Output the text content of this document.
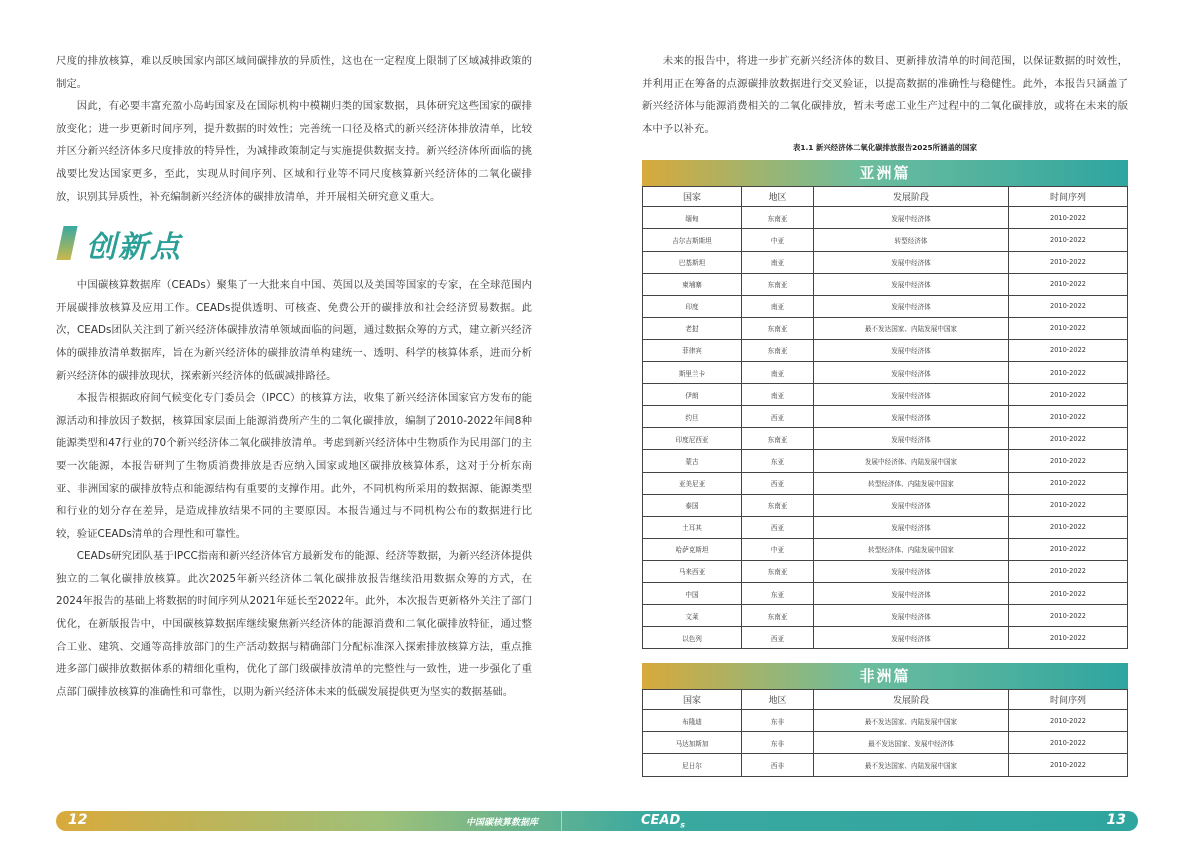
尺度的排放核算，难以反映国家内部区域间碳排放的异质性，这也在一定程度上限制了区域减排政策的制定。

因此，有必要丰富充盈小岛屿国家及在国际机构中模糊归类的国家数据，具体研究这些国家的碳排放变化；进一步更新时间序列，提升数据的时效性；完善统一口径及格式的新兴经济体排放清单，比较并区分新兴经济体多尺度排放的特异性，为减排政策制定与实施提供数据支持。新兴经济体所面临的挑战要比发达国家更多，至此，实现从时间序列、区域和行业等不同尺度核算新兴经济体的二氧化碳排放，识别其异质性，补充编制新兴经济体的碳排放清单，并开展相关研究意义重大。

创新点

中国碳核算数据库（CEADs）聚集了一大批来自中国、英国以及美国等国家的专家，在全球范围内开展碳排放核算及应用工作。CEADs提供透明、可核查、免费公开的碳排放和社会经济贸易数据。此次，CEADs团队关注到了新兴经济体碳排放清单领域面临的问题，通过数据众筹的方式，建立新兴经济体的碳排放清单数据库，旨在为新兴经济体的碳排放清单构建统一、透明、科学的核算体系，进而分析新兴经济体的碳排放现状，探索新兴经济体的低碳减排路径。

本报告根据政府间气候变化专门委员会（IPCC）的核算方法，收集了新兴经济体国家官方发布的能源活动和排放因子数据，核算国家层面上能源消费所产生的二氧化碳排放，编制了2010-2022年间8种能源类型和47行业的70个新兴经济体二氧化碳排放清单。考虑到新兴经济体中生物质作为民用部门的主要一次能源，本报告研判了生物质消费排放是否应纳入国家或地区碳排放核算体系，这对于分析东南亚、非洲国家的碳排放特点和能源结构有重要的支撑作用。此外，不同机构所采用的数据源、能源类型和行业的划分存在差异，是造成排放结果不同的主要原因。本报告通过与不同机构公布的数据进行比较，验证CEADs清单的合理性和可靠性。

CEADs研究团队基于IPCC指南和新兴经济体官方最新发布的能源、经济等数据，为新兴经济体提供独立的二氧化碳排放核算。此次2025年新兴经济体二氧化碳排放报告继续沿用数据众筹的方式，在2024年报告的基础上将数据的时间序列从2021年延长至2022年。此外，本次报告更新格外关注了部门优化，在新版报告中，中国碳核算数据库继续聚焦新兴经济体的能源消费和二氧化碳排放特征，通过整合工业、建筑、交通等高排放部门的生产活动数据与精确部门分配标准深入探索排放核算方法，重点推进多部门碳排放数据体系的精细化重构，优化了部门级碳排放清单的完整性与一致性，进一步强化了重点部门碳排放核算的准确性和可靠性，以期为新兴经济体未来的低碳发展提供更为坚实的数据基础。

未来的报告中，将进一步扩充新兴经济体的数目、更新排放清单的时间范围，以保证数据的时效性，并利用正在筹备的点源碳排放数据进行交叉验证，以提高数据的准确性与稳健性。此外，本报告只涵盖了新兴经济体与能源消费相关的二氧化碳排放，暂未考虑工业生产过程中的二氧化碳排放，或将在未来的版本中予以补充。

表1.1 新兴经济体二氧化碳排放报告2025所涵盖的国家
亚洲篇
国家	地区	发展阶段	时间序列
缅甸	东南亚	发展中经济体	2010-2022
吉尔吉斯斯坦	中亚	转型经济体	2010-2022
巴基斯坦	南亚	发展中经济体	2010-2022
柬埔寨	东南亚	发展中经济体	2010-2022
印度	南亚	发展中经济体	2010-2022
老挝	东南亚	最不发达国家、内陆发展中国家	2010-2022
菲律宾	东南亚	发展中经济体	2010-2022
斯里兰卡	南亚	发展中经济体	2010-2022
伊朗	南亚	发展中经济体	2010-2022
约旦	西亚	发展中经济体	2010-2022
印度尼西亚	东南亚	发展中经济体	2010-2022
蒙古	东亚	发展中经济体、内陆发展中国家	2010-2022
亚美尼亚	西亚	转型经济体、内陆发展中国家	2010-2022
泰国	东南亚	发展中经济体	2010-2022
土耳其	西亚	发展中经济体	2010-2022
哈萨克斯坦	中亚	转型经济体、内陆发展中国家	2010-2022
马来西亚	东南亚	发展中经济体	2010-2022
中国	东亚	发展中经济体	2010-2022
文莱	东南亚	发展中经济体	2010-2022
以色列	西亚	发展中经济体	2010-2022
非洲篇
国家	地区	发展阶段	时间序列
布隆迪	东非	最不发达国家、内陆发展中国家	2010-2022
马达加斯加	东非	最不发达国家、发展中经济体	2010-2022
尼日尔	西非	最不发达国家、内陆发展中国家	2010-2022
12	中国碳核算数据库	$CEAD_s$	13
